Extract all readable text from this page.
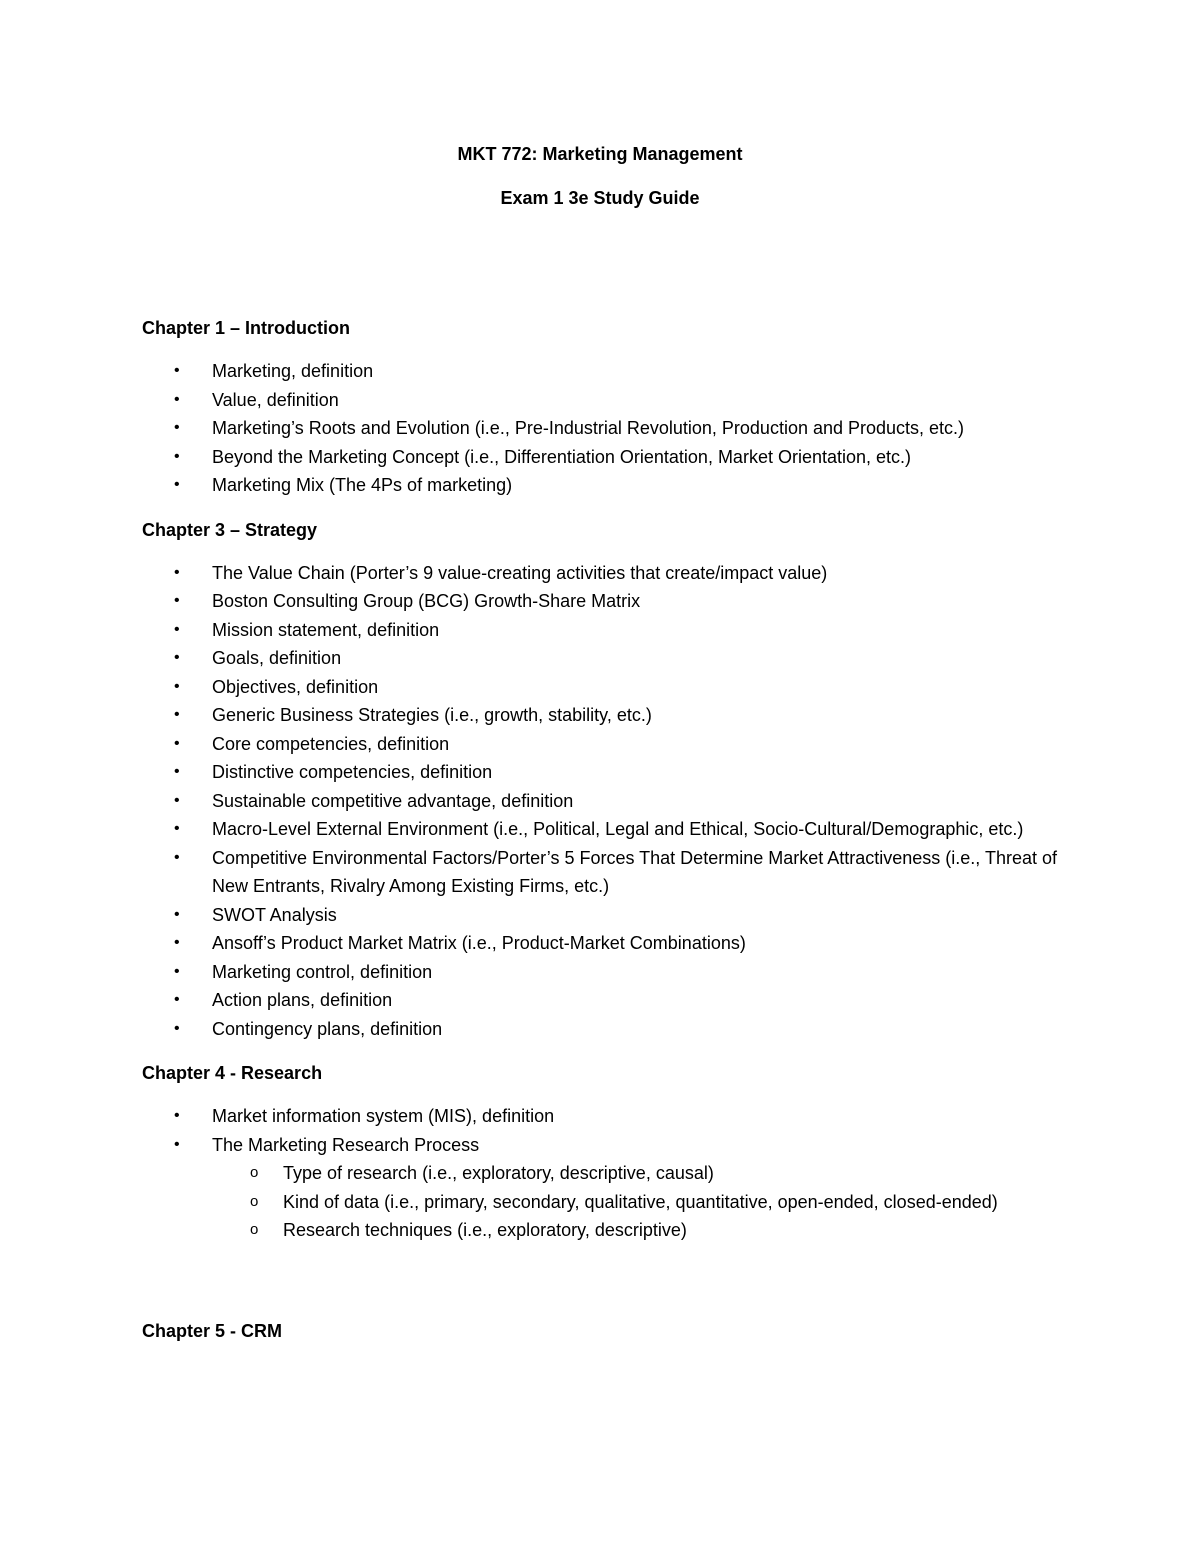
MKT 772: Marketing Management

Exam 1 3e Study Guide

Chapter 1 – Introduction

• Marketing, definition
• Value, definition
• Marketing’s Roots and Evolution (i.e., Pre-Industrial Revolution, Production and Products, etc.)
• Beyond the Marketing Concept (i.e., Differentiation Orientation, Market Orientation, etc.)
• Marketing Mix (The 4Ps of marketing)

Chapter 3 – Strategy

• The Value Chain (Porter’s 9 value-creating activities that create/impact value)
• Boston Consulting Group (BCG) Growth-Share Matrix
• Mission statement, definition
• Goals, definition
• Objectives, definition
• Generic Business Strategies (i.e., growth, stability, etc.)
• Core competencies, definition
• Distinctive competencies, definition
• Sustainable competitive advantage, definition
• Macro-Level External Environment (i.e., Political, Legal and Ethical, Socio-Cultural/Demographic, etc.)
• Competitive Environmental Factors/Porter’s 5 Forces That Determine Market Attractiveness (i.e., Threat of New Entrants, Rivalry Among Existing Firms, etc.)
• SWOT Analysis
• Ansoff’s Product Market Matrix (i.e., Product-Market Combinations)
• Marketing control, definition
• Action plans, definition
• Contingency plans, definition

Chapter 4 - Research

• Market information system (MIS), definition
• The Marketing Research Process
o Type of research (i.e., exploratory, descriptive, causal)
o Kind of data (i.e., primary, secondary, qualitative, quantitative, open-ended, closed-ended)
o Research techniques (i.e., exploratory, descriptive)

Chapter 5 - CRM
